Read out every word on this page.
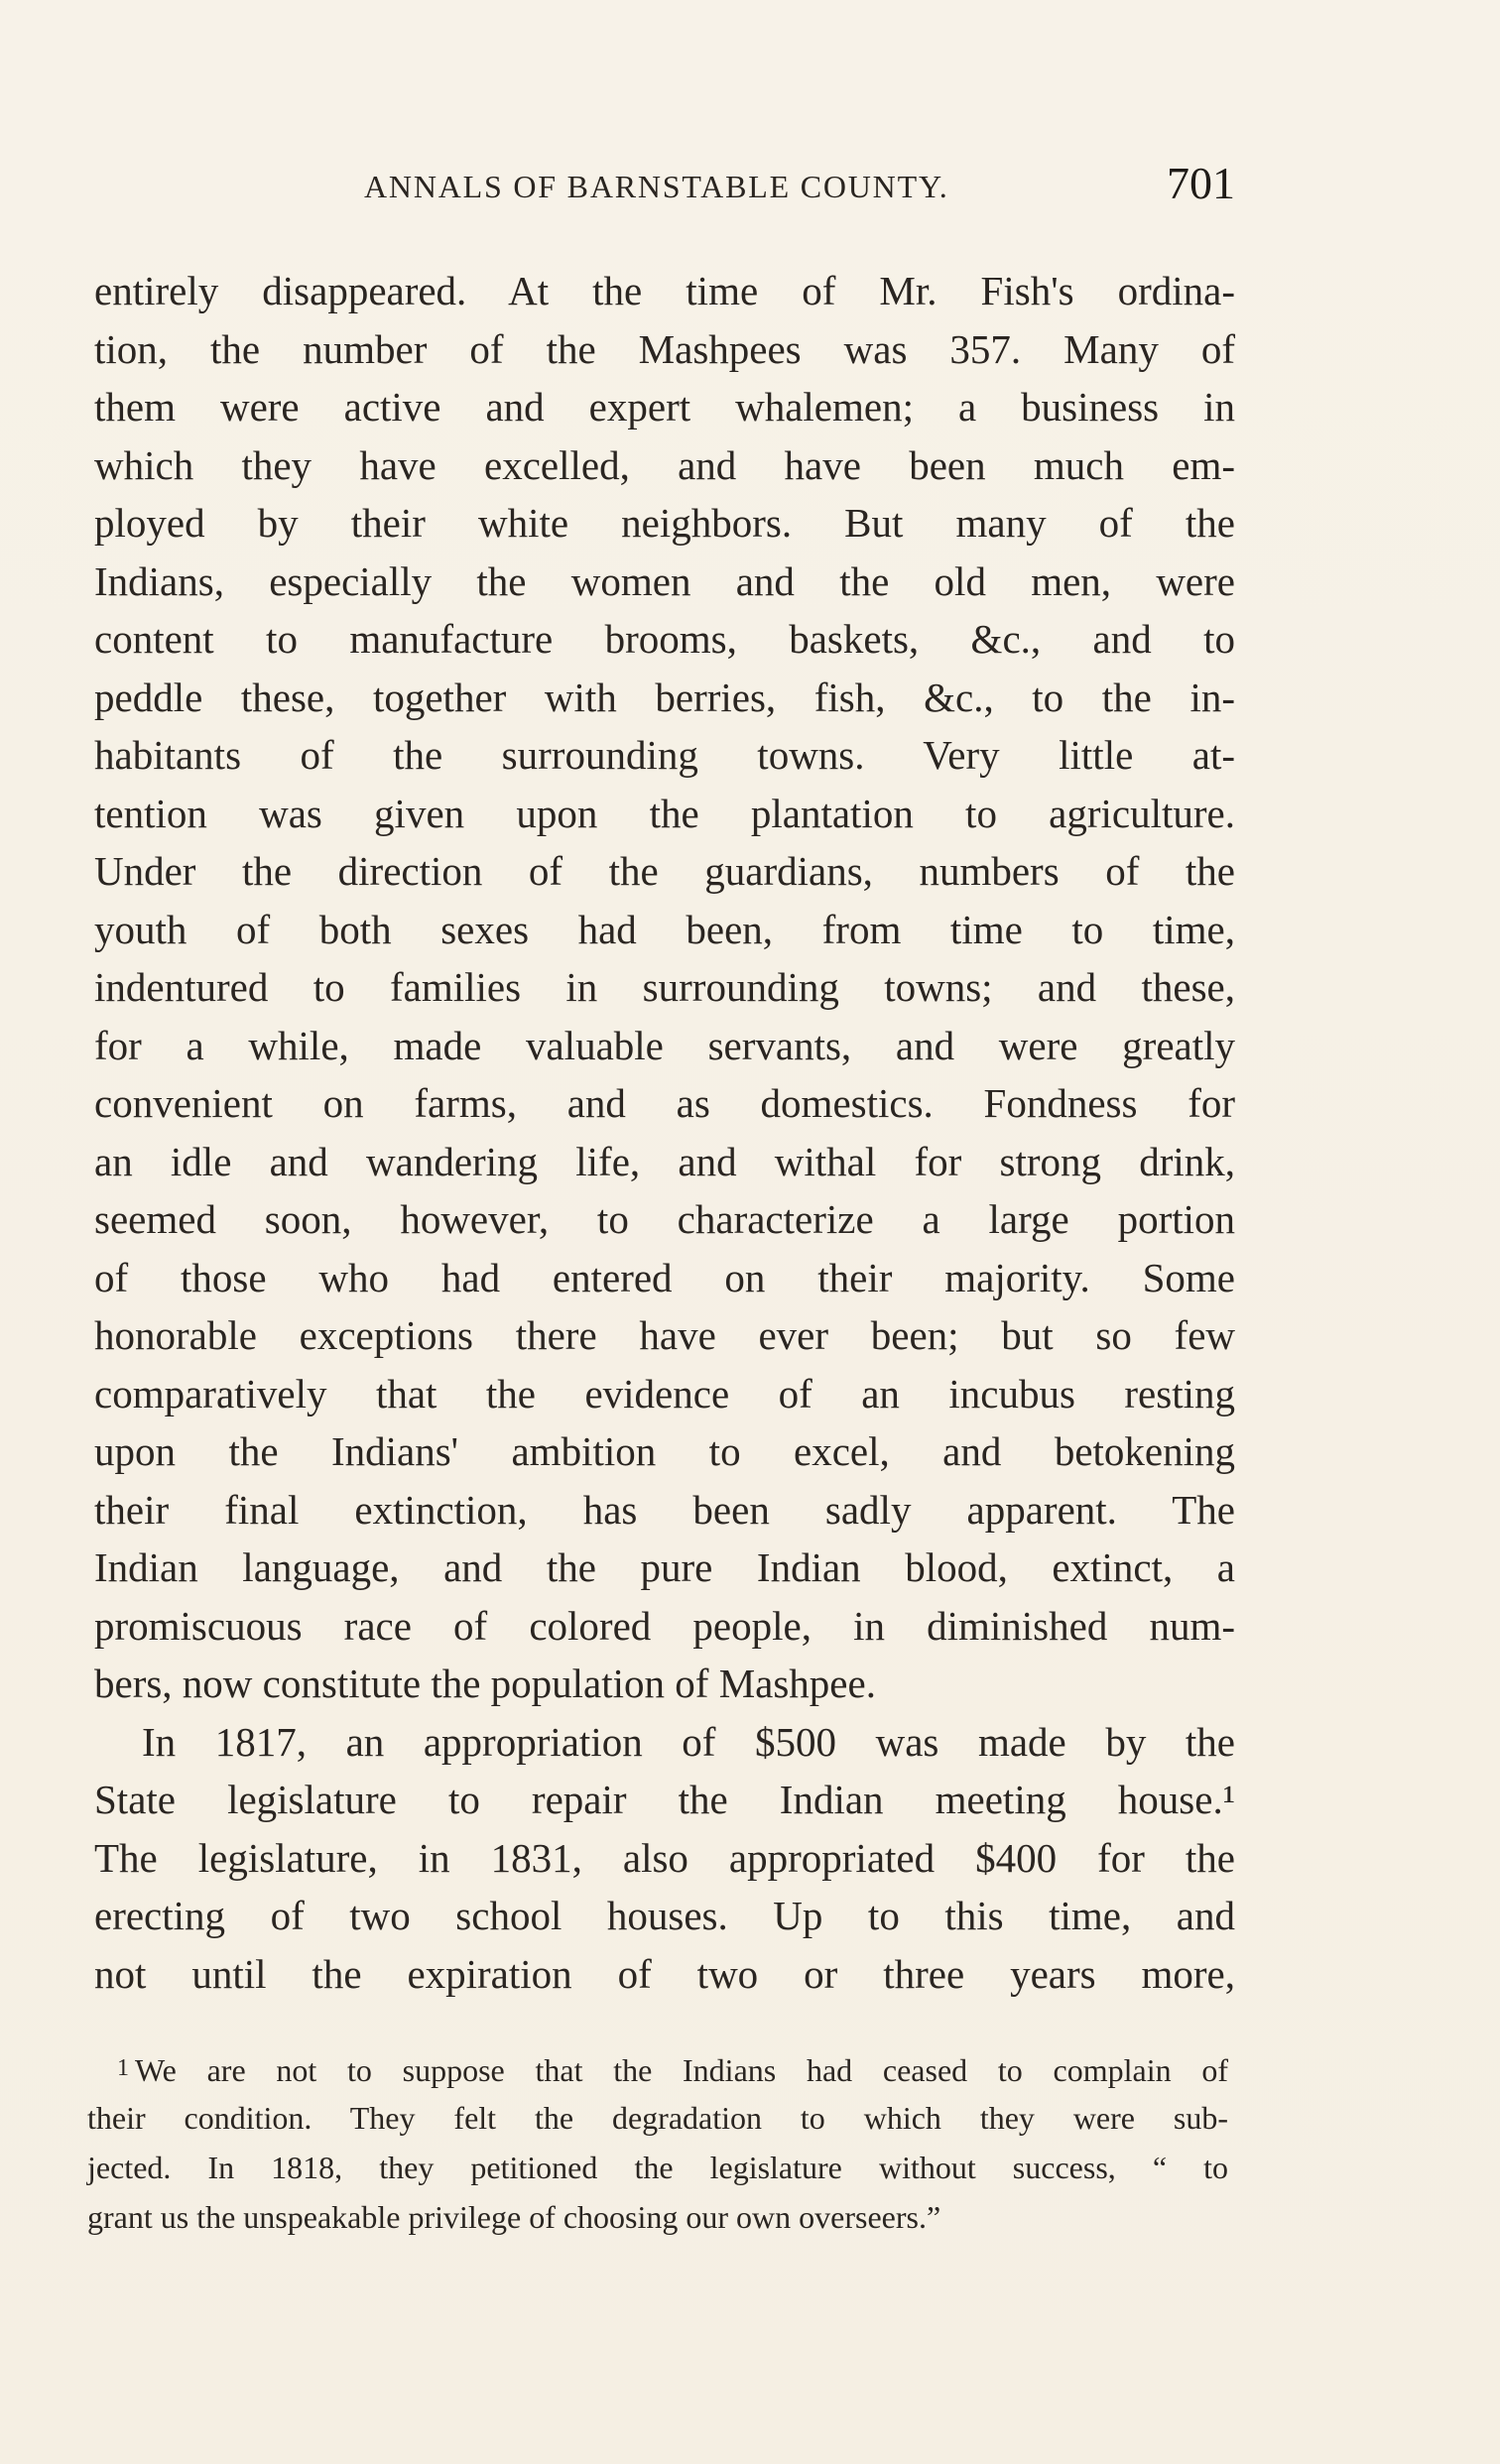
ANNALS OF BARNSTABLE COUNTY.	701
entirely disappeared. At the time of Mr. Fish's ordina-
tion, the number of the Mashpees was 357. Many of
them were active and expert whalemen; a business in
which they have excelled, and have been much em-
ployed by their white neighbors. But many of the
Indians, especially the women and the old men, were
content to manufacture brooms, baskets, &c., and to
peddle these, together with berries, fish, &c., to the in-
habitants of the surrounding towns. Very little at-
tention was given upon the plantation to agriculture.
Under the direction of the guardians, numbers of the
youth of both sexes had been, from time to time,
indentured to families in surrounding towns; and these,
for a while, made valuable servants, and were greatly
convenient on farms, and as domestics. Fondness for
an idle and wandering life, and withal for strong drink,
seemed soon, however, to characterize a large portion
of those who had entered on their majority. Some
honorable exceptions there have ever been; but so few
comparatively that the evidence of an incubus resting
upon the Indians' ambition to excel, and betokening
their final extinction, has been sadly apparent. The
Indian language, and the pure Indian blood, extinct, a
promiscuous race of colored people, in diminished num-
bers, now constitute the population of Mashpee.
In 1817, an appropriation of $500 was made by the
State legislature to repair the Indian meeting house.¹
The legislature, in 1831, also appropriated $400 for the
erecting of two school houses. Up to this time, and
not until the expiration of two or three years more,
1 We are not to suppose that the Indians had ceased to complain of
their condition. They felt the degradation to which they were sub-
jected. In 1818, they petitioned the legislature without success, “ to
grant us the unspeakable privilege of choosing our own overseers.”
